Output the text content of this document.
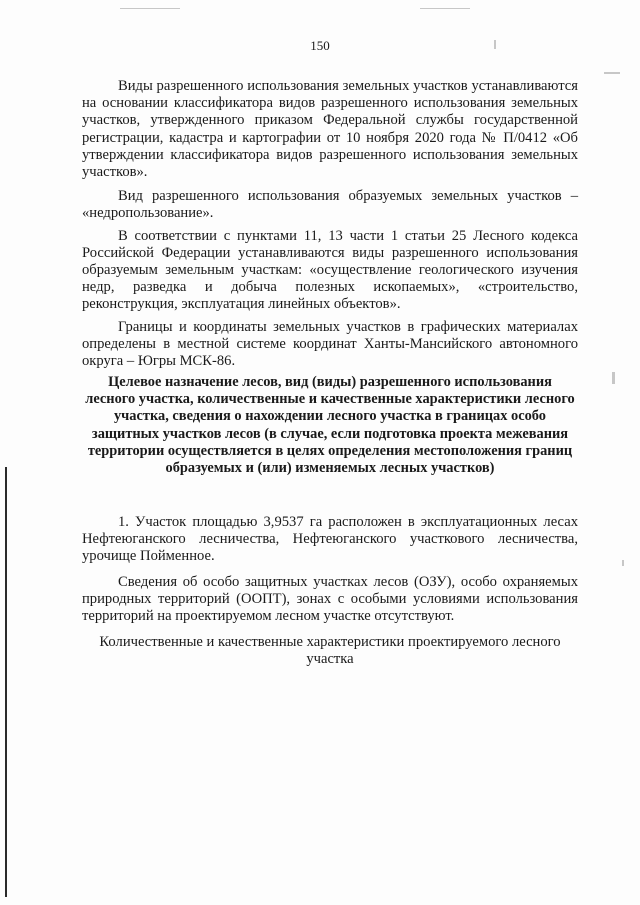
150

Виды разрешенного использования земельных участков устанавливаются на основании классификатора видов разрешенного использования земельных участков, утвержденного приказом Федеральной службы государственной регистрации, кадастра и картографии от 10 ноября 2020 года № П/0412 «Об утверждении классификатора видов разрешенного использования земельных участков».

Вид разрешенного использования образуемых земельных участков – «недропользование».

В соответствии с пунктами 11, 13 части 1 статьи 25 Лесного кодекса Российской Федерации устанавливаются виды разрешенного использования образуемым земельным участкам: «осуществление геологического изучения недр, разведка и добыча полезных ископаемых», «строительство, реконструкция, эксплуатация линейных объектов».

Границы и координаты земельных участков в графических материалах определены в местной системе координат Ханты-Мансийского автономного округа – Югры МСК-86.

Целевое назначение лесов, вид (виды) разрешенного использования лесного участка, количественные и качественные характеристики лесного участка, сведения о нахождении лесного участка в границах особо защитных участков лесов (в случае, если подготовка проекта межевания территории осуществляется в целях определения местоположения границ образуемых и (или) изменяемых лесных участков)

1. Участок площадью 3,9537 га расположен в эксплуатационных лесах Нефтеюганского лесничества, Нефтеюганского участкового лесничества, урочище Пойменное.

Сведения об особо защитных участках лесов (ОЗУ), особо охраняемых природных территорий (ООПТ), зонах с особыми условиями использования территорий на проектируемом лесном участке отсутствуют.

Количественные и качественные характеристики проектируемого лесного участка
